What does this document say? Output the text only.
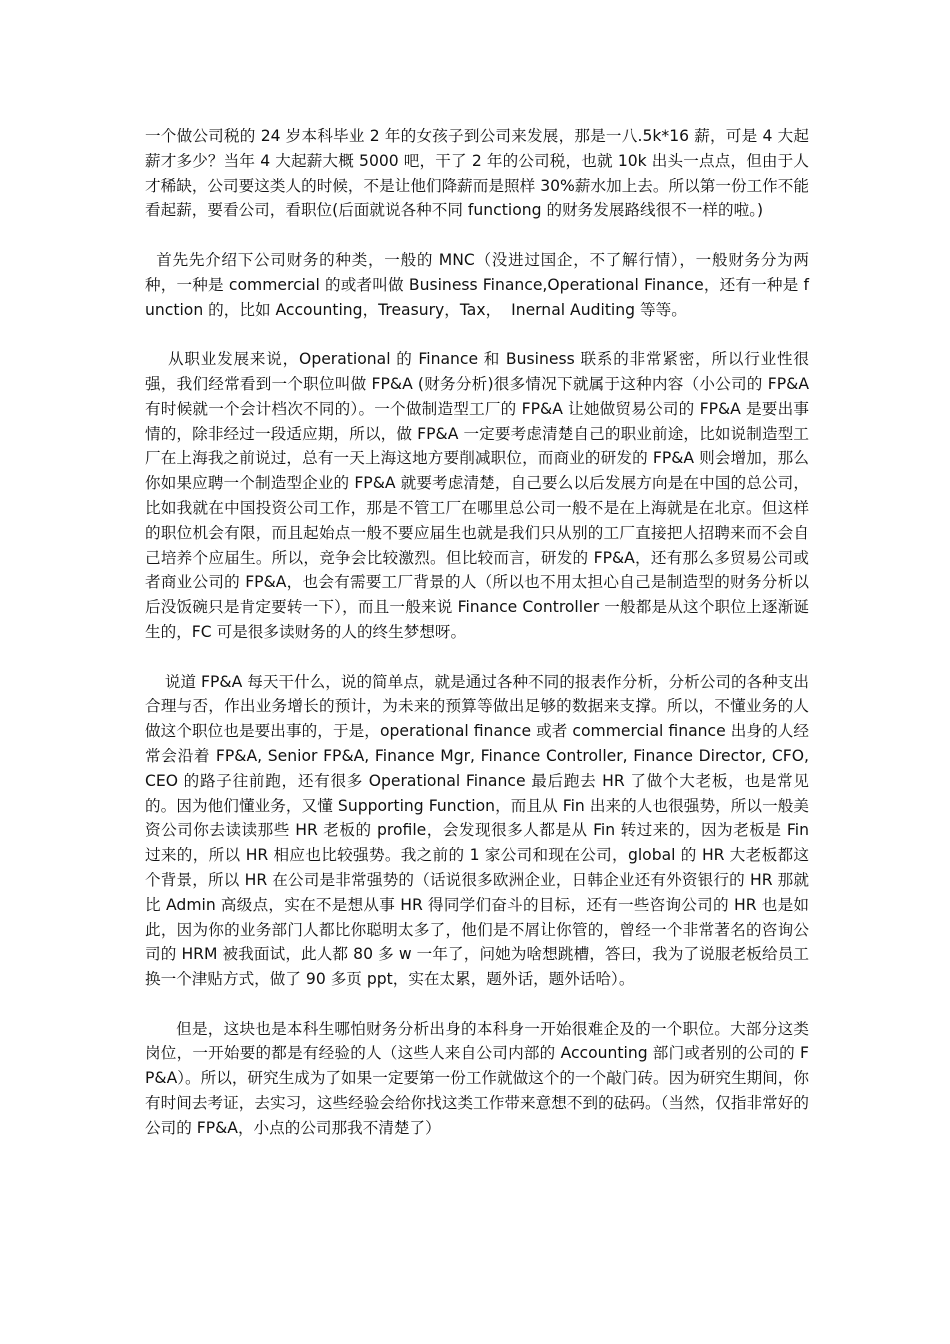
一个做公司税的 24 岁本科毕业 2 年的女孩子到公司来发展，那是一八.5k*16 薪，可是 4 大起薪才多少？当年 4 大起薪大概 5000 吧，干了 2 年的公司税，也就 10k 出头一点点，但由于人才稀缺，公司要这类人的时候，不是让他们降薪而是照样 30%薪水加上去。所以第一份工作不能看起薪，要看公司，看职位(后面就说各种不同 functiong 的财务发展路线很不一样的啦。)

首先先介绍下公司财务的种类，一般的 MNC（没进过国企，不了解行情），一般财务分为两种，一种是 commercial 的或者叫做 Business Finance,Operational Finance，还有一种是 function 的，比如 Accounting，Treasury，Tax，  Inernal Auditing 等等。

从职业发展来说，Operational 的 Finance 和 Business 联系的非常紧密，所以行业性很强，我们经常看到一个职位叫做 FP&A (财务分析)很多情况下就属于这种内容（小公司的 FP&A 有时候就一个会计档次不同的）。一个做制造型工厂的 FP&A 让她做贸易公司的 FP&A 是要出事情的，除非经过一段适应期，所以，做 FP&A 一定要考虑清楚自己的职业前途，比如说制造型工厂在上海我之前说过，总有一天上海这地方要削减职位，而商业的研发的 FP&A 则会增加，那么你如果应聘一个制造型企业的 FP&A 就要考虑清楚，自己要么以后发展方向是在中国的总公司，比如我就在中国投资公司工作，那是不管工厂在哪里总公司一般不是在上海就是在北京。但这样的职位机会有限，而且起始点一般不要应届生也就是我们只从别的工厂直接把人招聘来而不会自己培养个应届生。所以，竞争会比较激烈。但比较而言，研发的 FP&A，还有那么多贸易公司或者商业公司的 FP&A，也会有需要工厂背景的人（所以也不用太担心自己是制造型的财务分析以后没饭碗只是肯定要转一下），而且一般来说 Finance Controller 一般都是从这个职位上逐渐诞生的，FC 可是很多读财务的人的终生梦想呀。

说道 FP&A 每天干什么，说的简单点，就是通过各种不同的报表作分析，分析公司的各种支出合理与否，作出业务增长的预计，为未来的预算等做出足够的数据来支撑。所以，不懂业务的人做这个职位也是要出事的，于是，operational finance 或者 commercial finance 出身的人经常会沿着 FP&A, Senior FP&A, Finance Mgr, Finance Controller, Finance Director, CFO, CEO 的路子往前跑，还有很多 Operational Finance 最后跑去 HR 了做个大老板，也是常见的。因为他们懂业务，又懂 Supporting Function，而且从 Fin 出来的人也很强势，所以一般美资公司你去读读那些 HR 老板的 profile，会发现很多人都是从 Fin 转过来的，因为老板是 Fin 过来的，所以 HR 相应也比较强势。我之前的 1 家公司和现在公司，global 的 HR 大老板都这个背景，所以 HR 在公司是非常强势的（话说很多欧洲企业，日韩企业还有外资银行的 HR 那就比 Admin 高级点，实在不是想从事 HR 得同学们奋斗的目标，还有一些咨询公司的 HR 也是如此，因为你的业务部门人都比你聪明太多了，他们是不屑让你管的，曾经一个非常著名的咨询公司的 HRM 被我面试，此人都 80 多 w 一年了，问她为啥想跳槽，答曰，我为了说服老板给员工换一个津贴方式，做了 90 多页 ppt，实在太累，题外话，题外话哈）。

但是，这块也是本科生哪怕财务分析出身的本科身一开始很难企及的一个职位。大部分这类岗位，一开始要的都是有经验的人（这些人来自公司内部的 Accounting 部门或者别的公司的 FP&A）。所以，研究生成为了如果一定要第一份工作就做这个的一个敲门砖。因为研究生期间，你有时间去考证，去实习，这些经验会给你找这类工作带来意想不到的砝码。（当然，仅指非常好的公司的 FP&A，小点的公司那我不清楚了）
